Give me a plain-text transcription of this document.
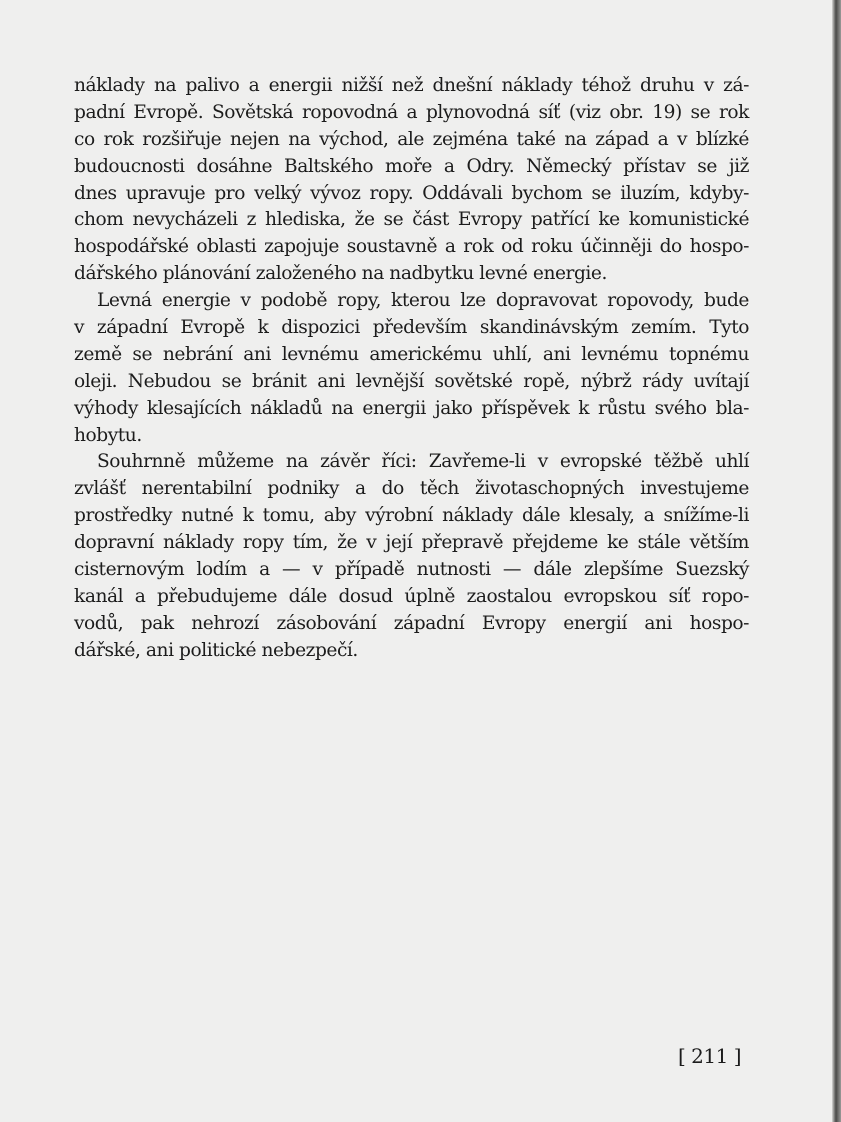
náklady na palivo a energii nižší než dnešní náklady téhož druhu v zá-
padní Evropě. Sovětská ropovodná a plynovodná síť (viz obr. 19) se rok
co rok rozšiřuje nejen na východ, ale zejména také na západ a v blízké
budoucnosti dosáhne Baltského moře a Odry. Německý přístav se již
dnes upravuje pro velký vývoz ropy. Oddávali bychom se iluzím, kdyby-
chom nevycházeli z hlediska, že se část Evropy patřící ke komunistické
hospodářské oblasti zapojuje soustavně a rok od roku účinněji do hospo-
dářského plánování založeného na nadbytku levné energie.
Levná energie v podobě ropy, kterou lze dopravovat ropovody, bude
v západní Evropě k dispozici především skandinávským zemím. Tyto
země se nebrání ani levnému americkému uhlí, ani levnému topnému
oleji. Nebudou se bránit ani levnější sovětské ropě, nýbrž rády uvítají
výhody klesajících nákladů na energii jako příspěvek k růstu svého bla-
hobytu.
Souhrnně můžeme na závěr říci: Zavřeme-li v evropské těžbě uhlí
zvlášť nerentabilní podniky a do těch životaschopných investujeme
prostředky nutné k tomu, aby výrobní náklady dále klesaly, a snížíme-li
dopravní náklady ropy tím, že v její přepravě přejdeme ke stále větším
cisternovým lodím a — v případě nutnosti — dále zlepšíme Suezský
kanál a přebudujeme dále dosud úplně zaostalou evropskou síť ropo-
vodů, pak nehrozí zásobování západní Evropy energií ani hospo-
dářské, ani politické nebezpečí.
[ 211 ]
